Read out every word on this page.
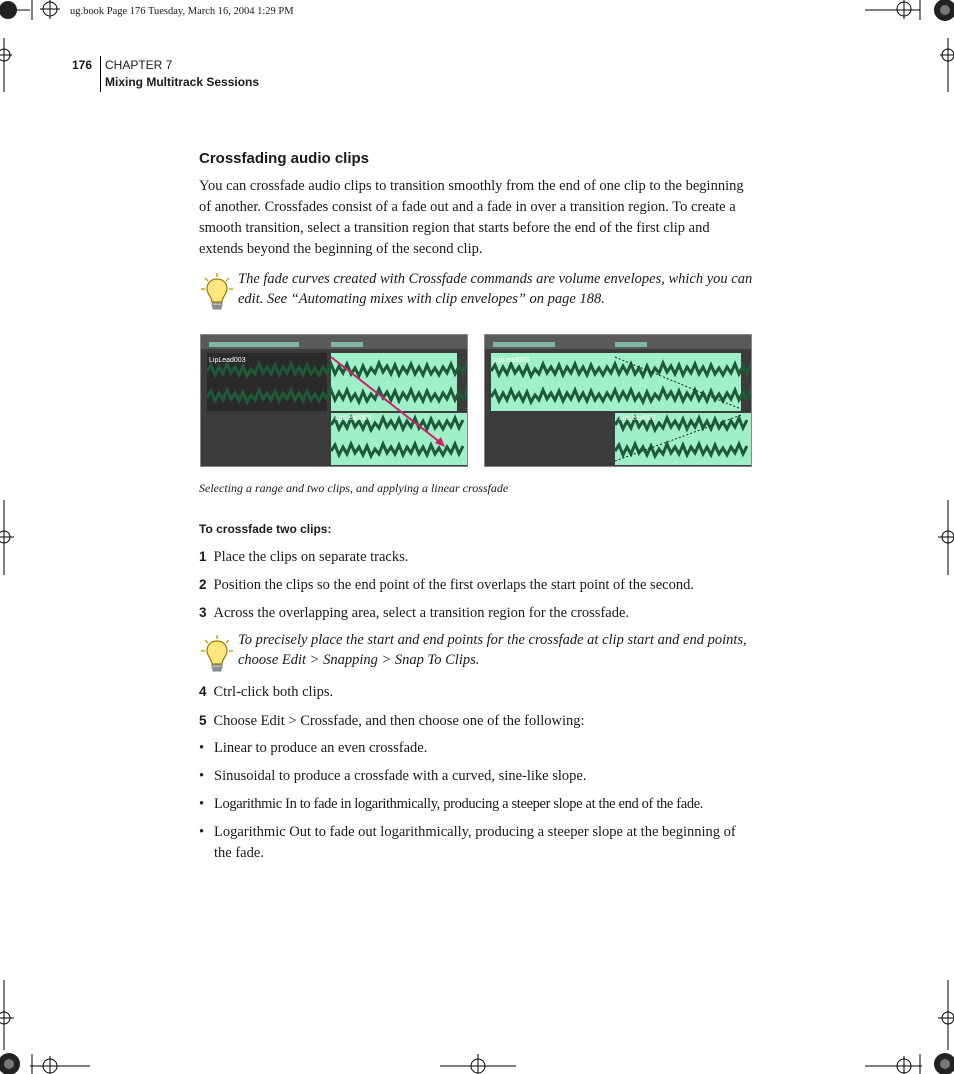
ug.book Page 176 Tuesday, March 16, 2004 1:29 PM
176 CHAPTER 7
Mixing Multitrack Sessions
Crossfading audio clips
You can crossfade audio clips to transition smoothly from the end of one clip to the beginning of another. Crossfades consist of a fade out and a fade in over a transition region. To create a smooth transition, select a transition region that starts before the end of the first clip and extends beyond the beginning of the second clip.
The fade curves created with Crossfade commands are volume envelopes, which you can edit. See “Automating mixes with clip envelopes” on page 188.
LipLead003
LipLead003
LipLead003
LipLead003
Selecting a range and two clips, and applying a linear crossfade
To crossfade two clips:
1 Place the clips on separate tracks.
2 Position the clips so the end point of the first overlaps the start point of the second.
3 Across the overlapping area, select a transition region for the crossfade.
To precisely place the start and end points for the crossfade at clip start and end points, choose Edit > Snapping > Snap To Clips.
4 Ctrl-click both clips.
5 Choose Edit > Crossfade, and then choose one of the following:
• Linear to produce an even crossfade.
• Sinusoidal to produce a crossfade with a curved, sine-like slope.
• Logarithmic In to fade in logarithmically, producing a steeper slope at the end of the fade.
• Logarithmic Out to fade out logarithmically, producing a steeper slope at the beginning of the fade.
